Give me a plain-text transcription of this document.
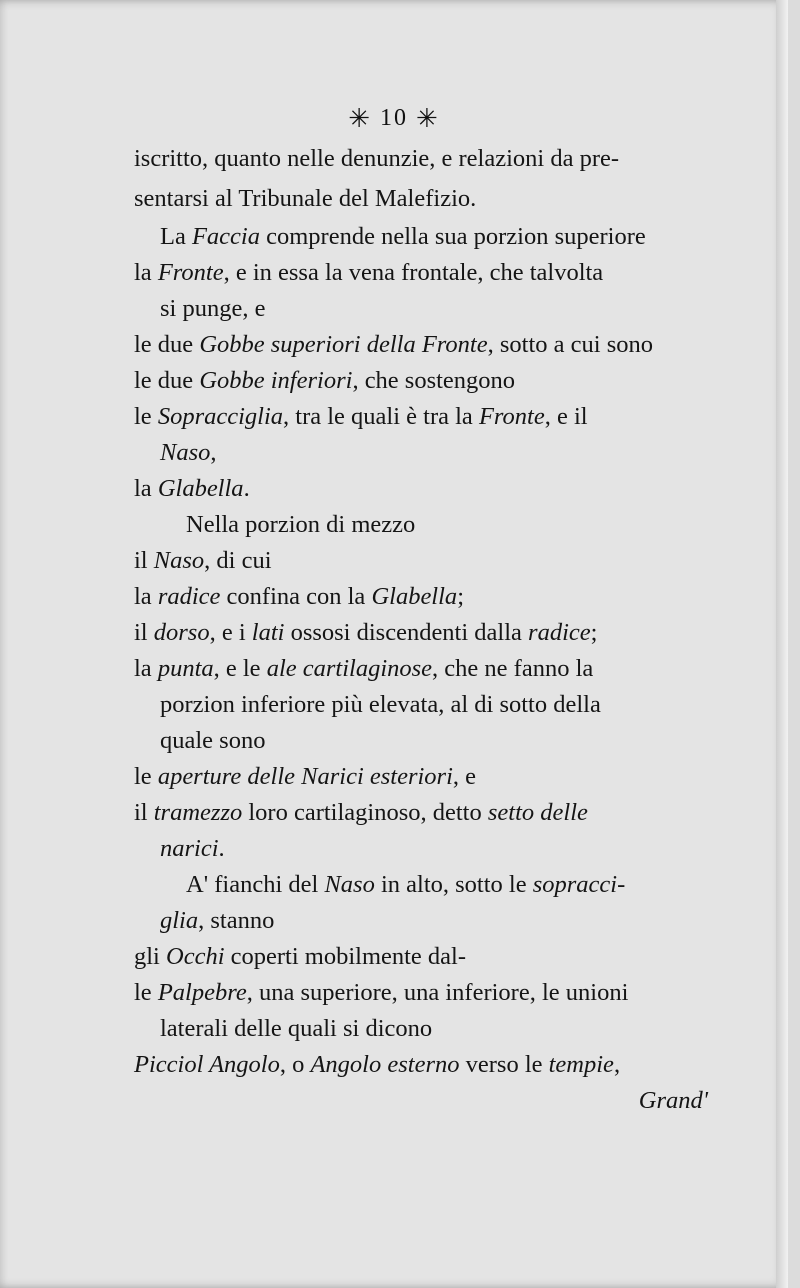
✳ 10 ✳
iscritto, quanto nelle denunzie, e relazioni da pre-
sentarsi al Tribunale del Malefizio.
La Faccia comprende nella sua porzion superiore
la Fronte, e in essa la vena frontale, che talvolta
si punge, e
le due Gobbe superiori della Fronte, sotto a cui sono
le due Gobbe inferiori, che sostengono
le Sopracciglia, tra le quali è tra la Fronte, e il
Naso,
la Glabella.
Nella porzion di mezzo
il Naso, di cui
la radice confina con la Glabella;
il dorso, e i lati ossosi discendenti dalla radice;
la punta, e le ale cartilaginose, che ne fanno la
porzion inferiore più elevata, al di sotto della
quale sono
le aperture delle Narici esteriori, e
il tramezzo loro cartilaginoso, detto setto delle
narici.
A' fianchi del Naso in alto, sotto le sopracci-
glia, stanno
gli Occhi coperti mobilmente dal-
le Palpebre, una superiore, una inferiore, le unioni
laterali delle quali si dicono
Picciol Angolo, o Angolo esterno verso le tempie,
Grand'
